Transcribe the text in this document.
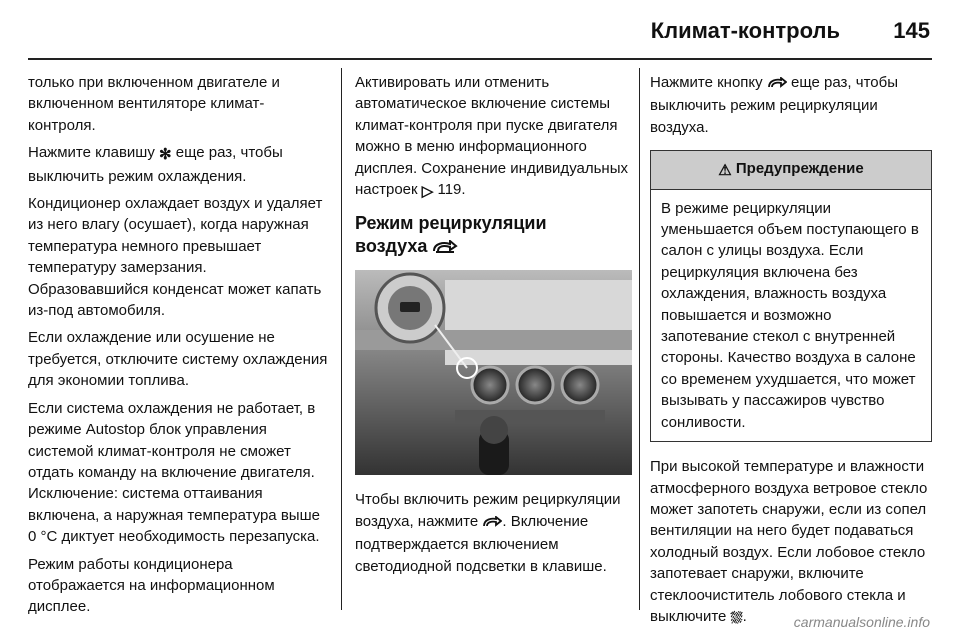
Климат-контроль 145

только при включенном двигателе и включенном вентиляторе климат-контроля.

Нажмите клавишу ✻ еще раз, чтобы выключить режим охлаждения.

Кондиционер охлаждает воздух и удаляет из него влагу (осушает), когда наружная температура немного превышает температуру замерзания. Образовавшийся конденсат может капать из-под автомобиля.

Если охлаждение или осушение не требуется, отключите систему охлаждения для экономии топлива.

Если система охлаждения не работает, в режиме Autostop блок управления системой климат-контроля не сможет отдать команду на включение двигателя. Исключение: система оттаивания включена, а наружная температура выше 0 °C диктует необходимость перезапуска.

Режим работы кондиционера отображается на информационном дисплее.

Активировать или отменить автоматическое включение системы климат-контроля при пуске двигателя можно в меню информационного дисплея. Сохранение индивидуальных настроек ▷ 119.

Режим рециркуляции
воздуха

Чтобы включить режим рециркуляции воздуха, нажмите . Включение подтверждается включением светодиодной подсветки в клавише.

Нажмите кнопку  еще раз, чтобы выключить режим рециркуляции воздуха.

⚠ Предупреждение
В режиме рециркуляции уменьшается объем поступающего в салон с улицы воздуха. Если рециркуляция включена без охлаждения, влажность воздуха повышается и возможно запотевание стекол с внутренней стороны. Качество воздуха в салоне со временем ухудшается, что может вызывать у пассажиров чувство сонливости.

При высокой температуре и влажности атмосферного воздуха ветровое стекло может запотеть снаружи, если из сопел вентиляции на него будет подаваться холодный воздух. Если лобовое стекло запотевает снаружи, включите стеклоочиститель лобового стекла и выключите ⛆.	carmanualsonline.info
